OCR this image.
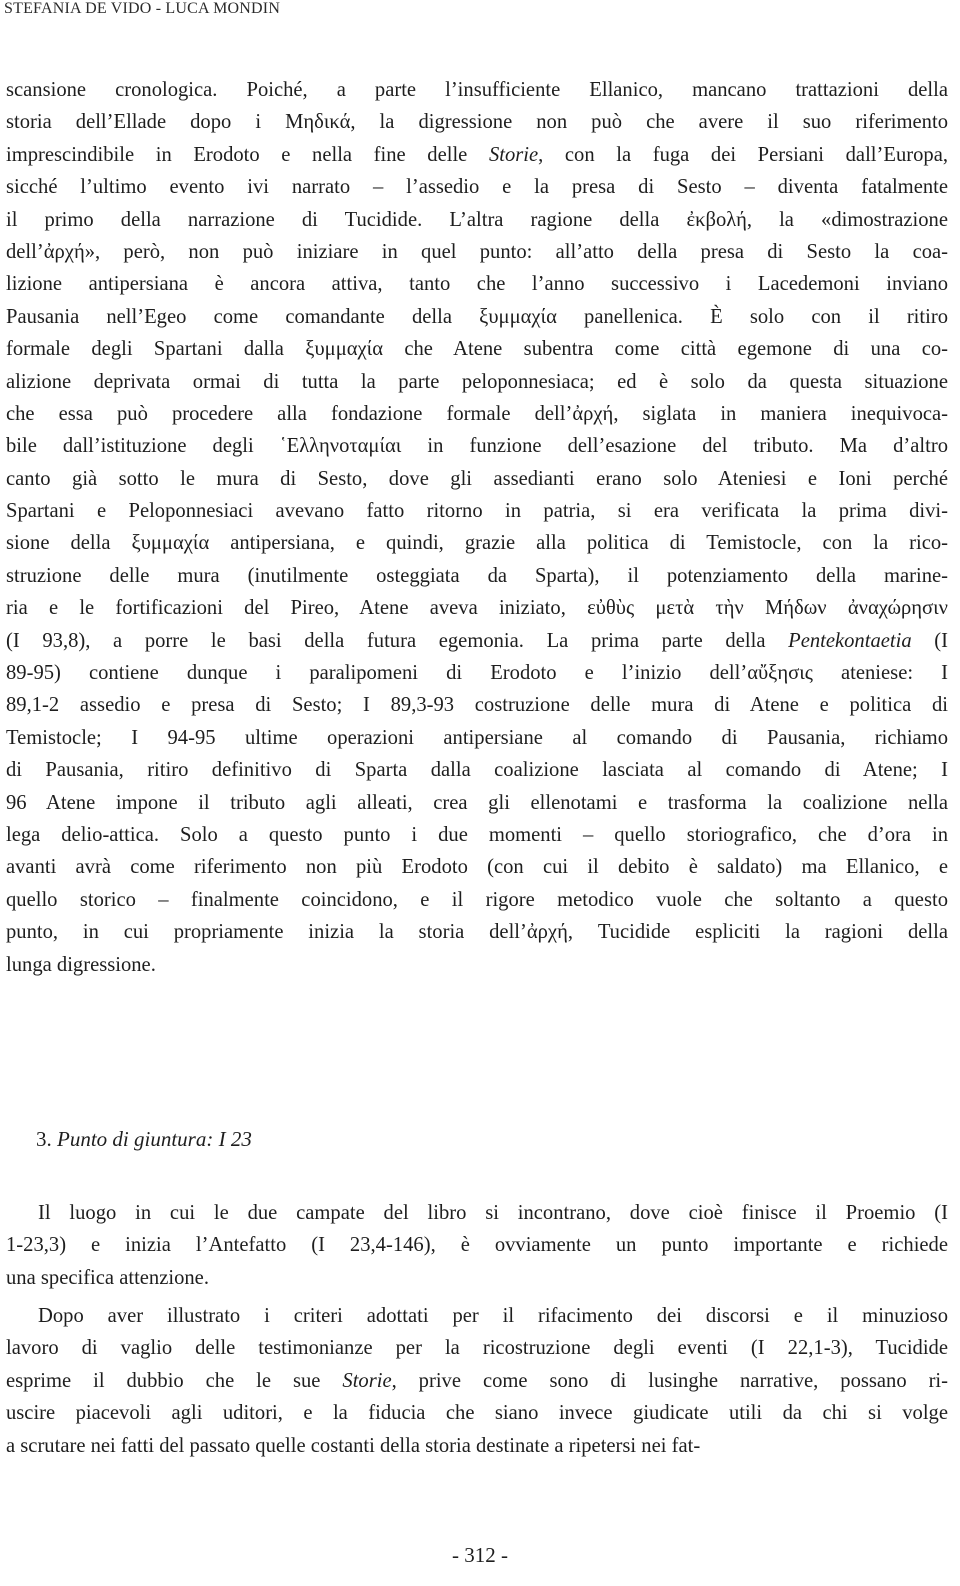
STEFANIA DE VIDO - LUCA MONDIN
scansione cronologica. Poiché, a parte l’insufficiente Ellanico, mancano trattazioni della
storia dell’Ellade dopo i Μηδικά, la digressione non può che avere il suo riferimento
imprescindibile in Erodoto e nella fine delle Storie, con la fuga dei Persiani dall’Europa,
sicché l’ultimo evento ivi narrato – l’assedio e la presa di Sesto – diventa fatalmente
il primo della narrazione di Tucidide. L’altra ragione della ἐκβολή, la «dimostrazione
dell’ἀρχή», però, non può iniziare in quel punto: all’atto della presa di Sesto la coa-
lizione antipersiana è ancora attiva, tanto che l’anno successivo i Lacedemoni inviano
Pausania nell’Egeo come comandante della ξυμμαχία panellenica. È solo con il ritiro
formale degli Spartani dalla ξυμμαχία che Atene subentra come città egemone di una co-
alizione deprivata ormai di tutta la parte peloponnesiaca; ed è solo da questa situazione
che essa può procedere alla fondazione formale dell’ἀρχή, siglata in maniera inequivoca-
bile dall’istituzione degli ῾Ελληνοταμίαι in funzione dell’esazione del tributo. Ma d’altro
canto già sotto le mura di Sesto, dove gli assedianti erano solo Ateniesi e Ioni perché
Spartani e Peloponnesiaci avevano fatto ritorno in patria, si era verificata la prima divi-
sione della ξυμμαχία antipersiana, e quindi, grazie alla politica di Temistocle, con la rico-
struzione delle mura (inutilmente osteggiata da Sparta), il potenziamento della marine-
ria e le fortificazioni del Pireo, Atene aveva iniziato, εὐθὺς μετὰ τὴν Μήδων ἀναχώρησιν
(I 93,8), a porre le basi della futura egemonia. La prima parte della Pentekontaetia (I
89-95) contiene dunque i paralipomeni di Erodoto e l’inizio dell’αὔξησις ateniese: I
89,1-2 assedio e presa di Sesto; I 89,3-93 costruzione delle mura di Atene e politica di
Temistocle; I 94-95 ultime operazioni antipersiane al comando di Pausania, richiamo
di Pausania, ritiro definitivo di Sparta dalla coalizione lasciata al comando di Atene; I
96 Atene impone il tributo agli alleati, crea gli ellenotami e trasforma la coalizione nella
lega delio-attica. Solo a questo punto i due momenti – quello storiografico, che d’ora in
avanti avrà come riferimento non più Erodoto (con cui il debito è saldato) ma Ellanico, e
quello storico – finalmente coincidono, e il rigore metodico vuole che soltanto a questo
punto, in cui propriamente inizia la storia dell’ἀρχή, Tucidide espliciti la ragioni della
lunga digressione.
3. Punto di giuntura: I 23
Il luogo in cui le due campate del libro si incontrano, dove cioè finisce il Proemio (I
1-23,3) e inizia l’Antefatto (I 23,4-146), è ovviamente un punto importante e richiede
una specifica attenzione.
Dopo aver illustrato i criteri adottati per il rifacimento dei discorsi e il minuzioso
lavoro di vaglio delle testimonianze per la ricostruzione degli eventi (I 22,1-3), Tucidide
esprime il dubbio che le sue Storie, prive come sono di lusinghe narrative, possano ri-
uscire piacevoli agli uditori, e la fiducia che siano invece giudicate utili da chi si volge
a scrutare nei fatti del passato quelle costanti della storia destinate a ripetersi nei fat-
- 312 -
